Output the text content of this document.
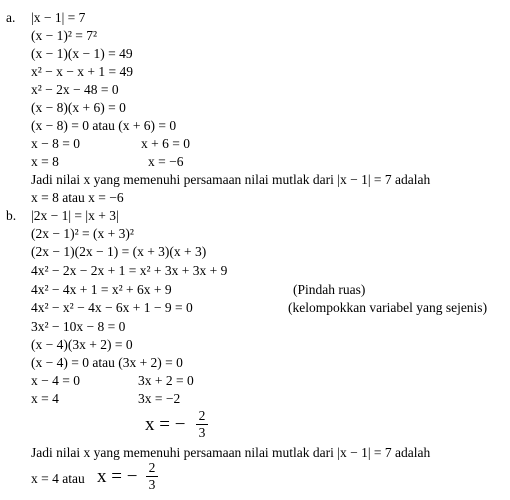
a. |x − 1| = 7
(x − 1)² = 7²
(x − 1)(x − 1) = 49
x² − x − x + 1 = 49
x² − 2x − 48 = 0
(x − 8)(x + 6) = 0
(x − 8) = 0 atau (x + 6) = 0
x − 8 = 0	x + 6 = 0
x = 8	x = −6
Jadi nilai x yang memenuhi persamaan nilai mutlak dari |x − 1| = 7 adalah
x = 8 atau x = −6
b. |2x − 1| = |x + 3|
(2x − 1)² = (x + 3)²
(2x − 1)(2x − 1) = (x + 3)(x + 3)
4x² − 2x − 2x + 1 = x² + 3x + 3x + 9
4x² − 4x + 1 = x² + 6x + 9	(Pindah ruas)
4x² − x² − 4x − 6x + 1 − 9 = 0	(kelompokkan variabel yang sejenis)
3x² − 10x − 8 = 0
(x − 4)(3x + 2) = 0
(x − 4) = 0 atau (3x + 2) = 0
x − 4 = 0	3x + 2 = 0
x = 4	3x = −2
x = − $\frac{2}{3}$
Jadi nilai x yang memenuhi persamaan nilai mutlak dari |x − 1| = 7 adalah
x = 4 atau x = − $\frac{2}{3}$
